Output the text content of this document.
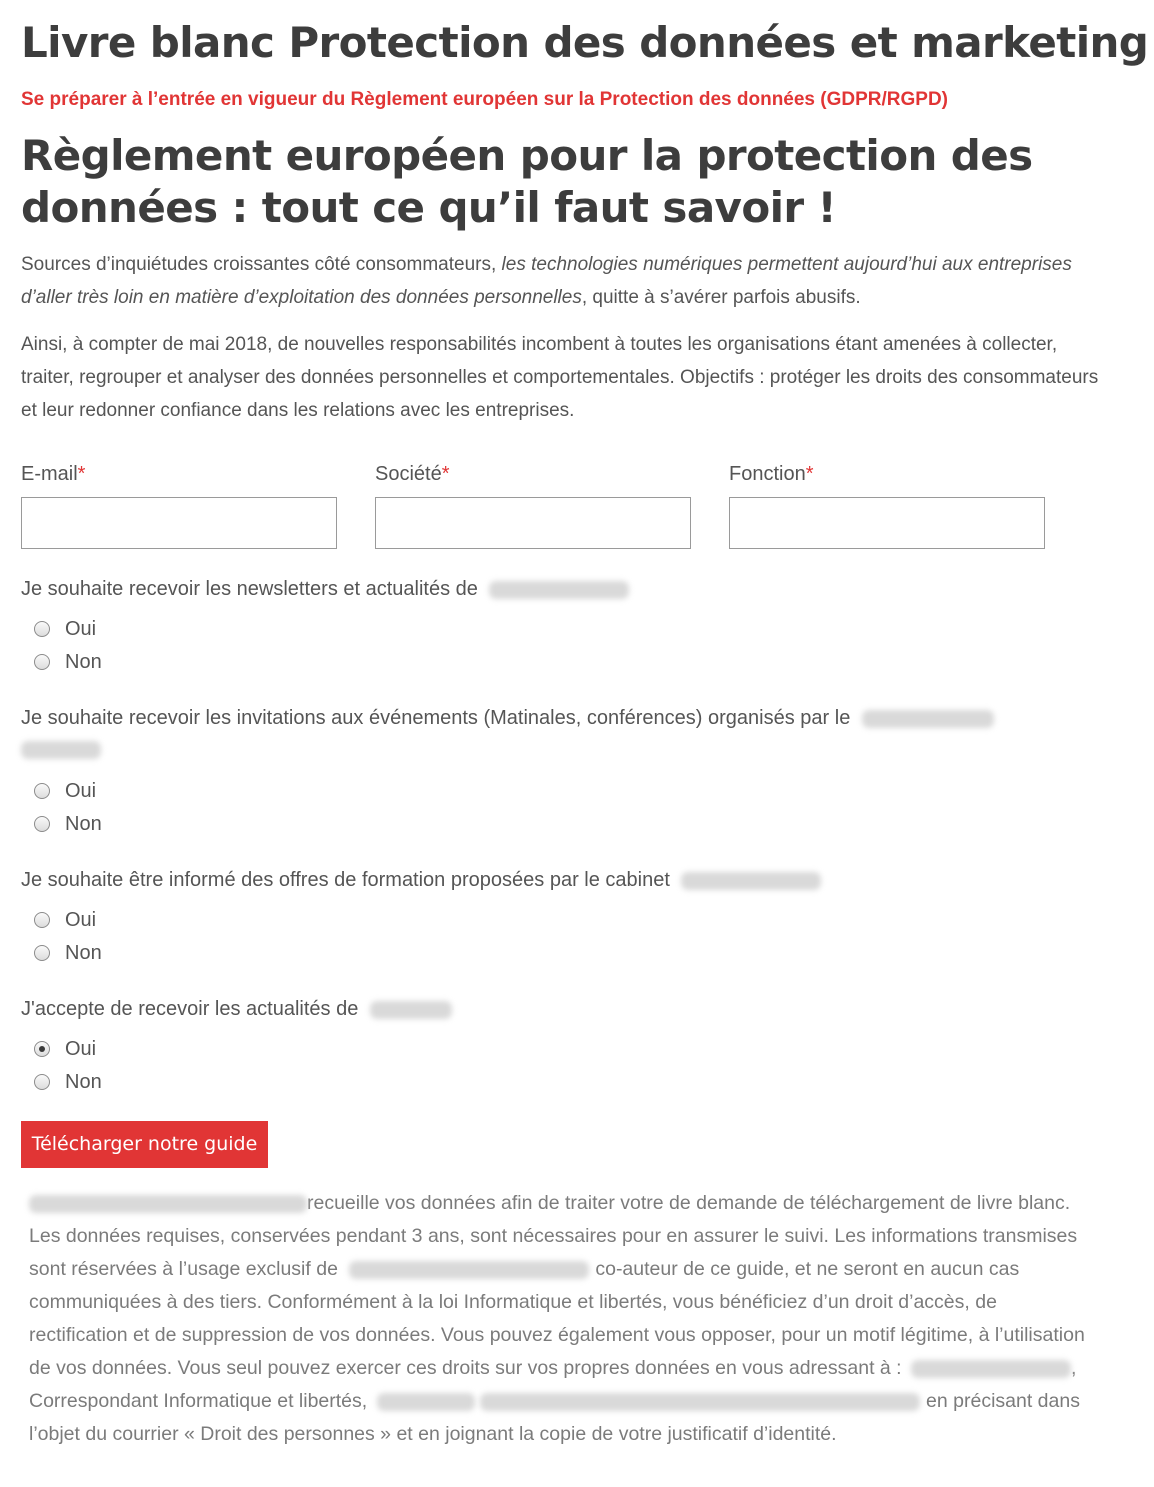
Livre blanc Protection des données et marketing
Se préparer à l’entrée en vigueur du Règlement européen sur la Protection des données (GDPR/RGPD)
Règlement européen pour la protection des données : tout ce qu’il faut savoir !

Sources d’inquiétudes croissantes côté consommateurs, les technologies numériques permettent aujourd’hui aux entreprises d’aller très loin en matière d’exploitation des données personnelles, quitte à s’avérer parfois abusifs.

Ainsi, à compter de mai 2018, de nouvelles responsabilités incombent à toutes les organisations étant amenées à collecter, traiter, regrouper et analyser des données personnelles et comportementales. Objectifs : protéger les droits des consommateurs et leur redonner confiance dans les relations avec les entreprises.

E-mail*	Société*	Fonction*
Je souhaite recevoir les newsletters et actualités de
Oui
Non
Je souhaite recevoir les invitations aux événements (Matinales, conférences) organisés par le
Oui
Non
Je souhaite être informé des offres de formation proposées par le cabinet
Oui
Non
J'accepte de recevoir les actualités de
Oui
Non
Télécharger notre guide
recueille vos données afin de traiter votre de demande de téléchargement de livre blanc. Les données requises, conservées pendant 3 ans, sont nécessaires pour en assurer le suivi. Les informations transmises sont réservées à l’usage exclusif de	co-auteur de ce guide, et ne seront en aucun cas communiquées à des tiers. Conformément à la loi Informatique et libertés, vous bénéficiez d’un droit d’accès, de rectification et de suppression de vos données. Vous pouvez également vous opposer, pour un motif légitime, à l’utilisation de vos données. Vous seul pouvez exercer ces droits sur vos propres données en vous adressant à :	, Correspondant Informatique et libertés,	en précisant dans l’objet du courrier « Droit des personnes » et en joignant la copie de votre justificatif d’identité.
